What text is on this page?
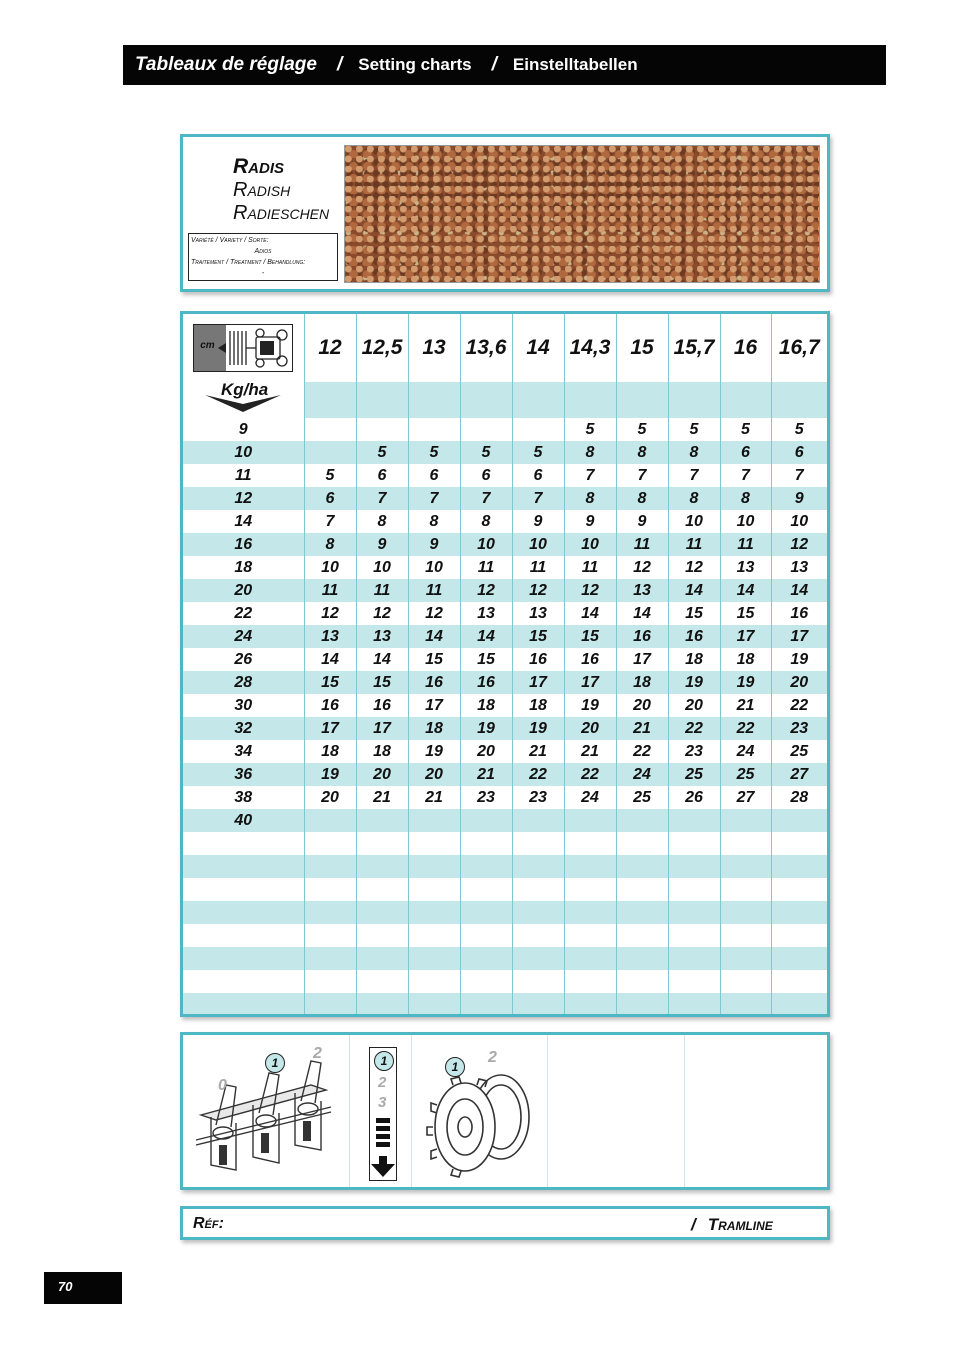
Tableaux de réglage / Setting charts / Einstelltabellen
Radis
Radish
Radieschen
Variété / Variety / Sorte:
Adios
Traitement / Treatment / Behandlung:
-
cm	12	12,5	13	13,6	14	14,3	15	15,7	16	16,7

Kg/ha										

9						5	5	5	5	5
10		5	5	5	5	8	8	8	6	6
11	5	6	6	6	6	7	7	7	7	7
12	6	7	7	7	7	8	8	8	8	9
14	7	8	8	8	9	9	9	10	10	10
16	8	9	9	10	10	10	11	11	11	12
18	10	10	10	11	11	11	12	12	13	13
20	11	11	11	12	12	12	13	14	14	14
22	12	12	12	13	13	14	14	15	15	16
24	13	13	14	14	15	15	16	16	17	17
26	14	14	15	15	16	16	17	18	18	19
28	15	15	16	16	17	17	18	19	19	20
30	16	16	17	18	18	19	20	20	21	22
32	17	17	18	19	19	20	21	22	22	23
34	18	18	19	20	21	21	22	23	24	25
36	19	20	20	21	22	22	24	25	25	27
38	20	21	21	23	23	24	25	26	27	28
40										

0
1
2	1
2
3
1
2
Réf:	/ Tramline
70
